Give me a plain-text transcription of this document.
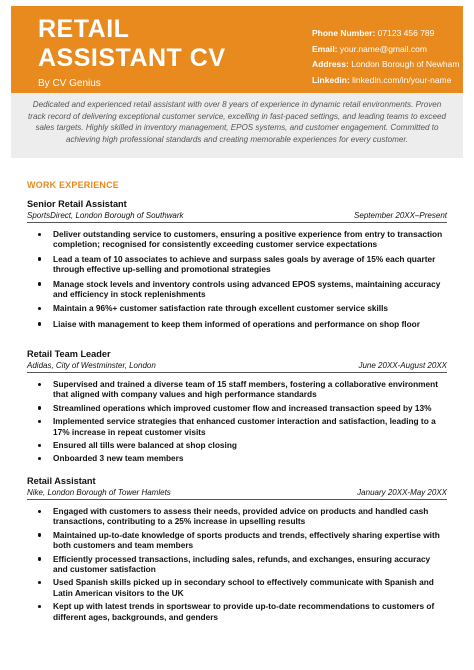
RETAIL
ASSISTANT CV
By CV Genius
Phone Number: 07123 456 789
Email: your.name@gmail.com
Address: London Borough of Newham
Linkedin: linkedin.com/in/your-name
Dedicated and experienced retail assistant with over 8 years of experience in dynamic retail environments. Proven track record of delivering exceptional customer service, excelling in fast-paced settings, and leading teams to exceed sales targets. Highly skilled in inventory management, EPOS systems, and customer engagement. Committed to achieving high professional standards and creating memorable experiences for every customer.
WORK EXPERIENCE
Senior Retail Assistant
SportsDirect, London Borough of Southwark	September 20XX–Present
Deliver outstanding service to customers, ensuring a positive experience from entry to transaction completion; recognised for consistently exceeding customer service expectations
Lead a team of 10 associates to achieve and surpass sales goals by average of 15% each quarter through effective up-selling and promotional strategies
Manage stock levels and inventory controls using advanced EPOS systems, maintaining accuracy and efficiency in stock replenishments
Maintain a 96%+ customer satisfaction rate through excellent customer service skills
Liaise with management to keep them informed of operations and performance on shop floor
Retail Team Leader
Adidas, City of Westminster, London	June 20XX-August 20XX
Supervised and trained a diverse team of 15 staff members, fostering a collaborative environment that aligned with company values and high performance standards
Streamlined operations which improved customer flow and increased transaction speed by 13%
Implemented service strategies that enhanced customer interaction and satisfaction, leading to a 17% increase in repeat customer visits
Ensured all tills were balanced at shop closing
Onboarded 3 new team members
Retail Assistant
Nike, London Borough of Tower Hamlets	January 20XX-May 20XX
Engaged with customers to assess their needs, provided advice on products and handled cash transactions, contributing to a 25% increase in upselling results
Maintained up-to-date knowledge of sports products and trends, effectively sharing expertise with both customers and team members
Efficiently processed transactions, including sales, refunds, and exchanges, ensuring accuracy and customer satisfaction
Used Spanish skills picked up in secondary school to effectively communicate with Spanish and Latin American visitors to the UK
Kept up with latest trends in sportswear to provide up-to-date recommendations to customers of different ages, backgrounds, and genders
